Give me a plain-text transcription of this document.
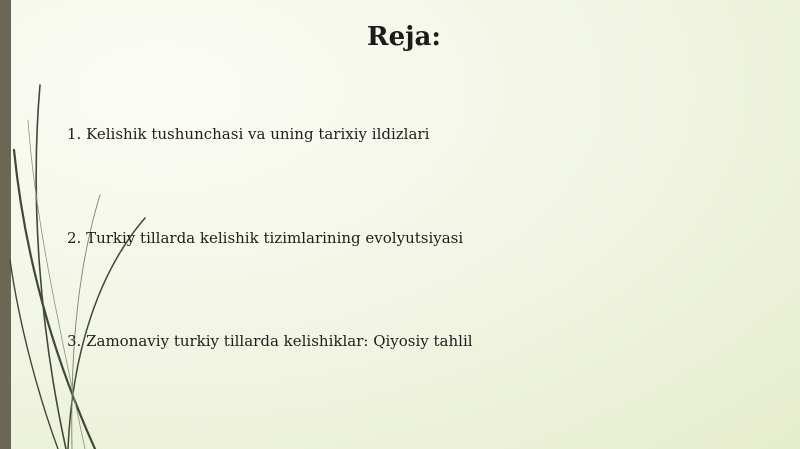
Reja:
1. Kelishik tushunchasi va uning tarixiy ildizlari
2. Turkiy tillarda kelishik tizimlarining evolyutsiyasi
3. Zamonaviy turkiy tillarda kelishiklar: Qiyosiy tahlil
